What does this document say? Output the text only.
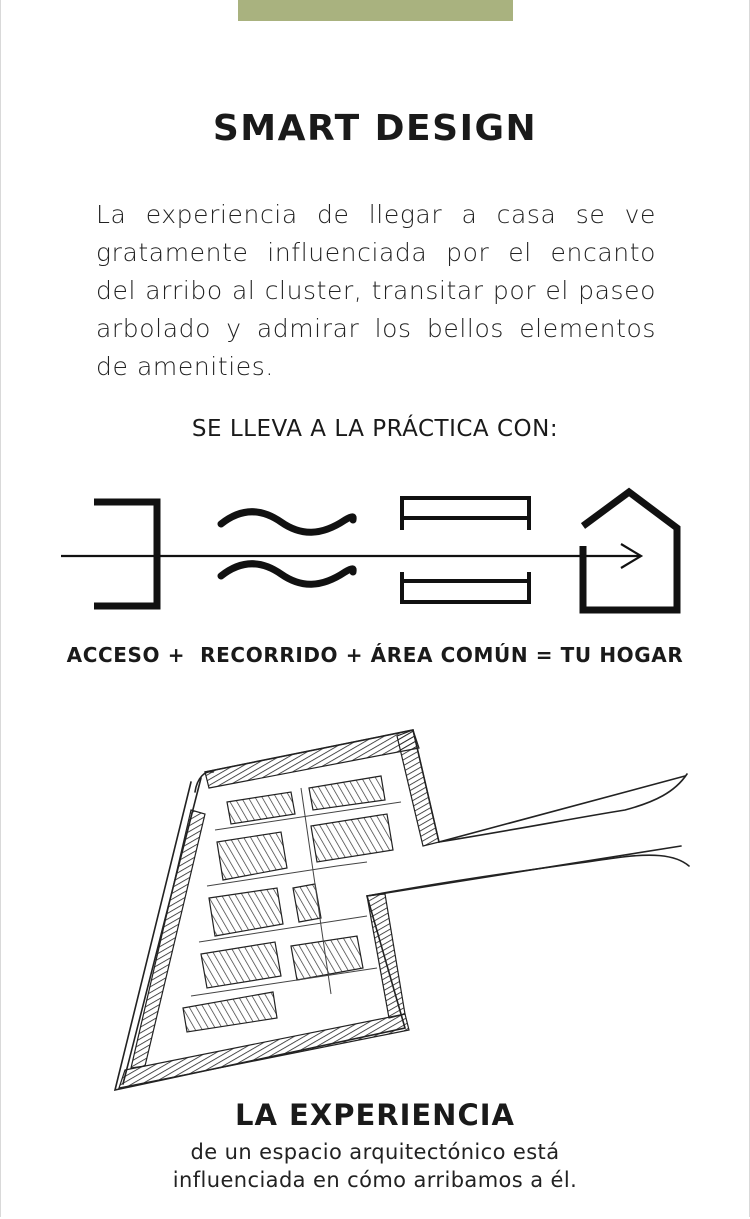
SMART DESIGN
La experiencia de llegar a casa se ve gratamente influenciada por el encanto del arribo al cluster, transitar por el paseo arbolado y admirar los bellos elementos de amenities.
SE LLEVA A LA PRÁCTICA CON:
ACCESO +  RECORRIDO + ÁREA COMÚN = TU HOGAR
LA EXPERIENCIA
de un espacio arquitectónico está
influenciada en cómo arribamos a él.
